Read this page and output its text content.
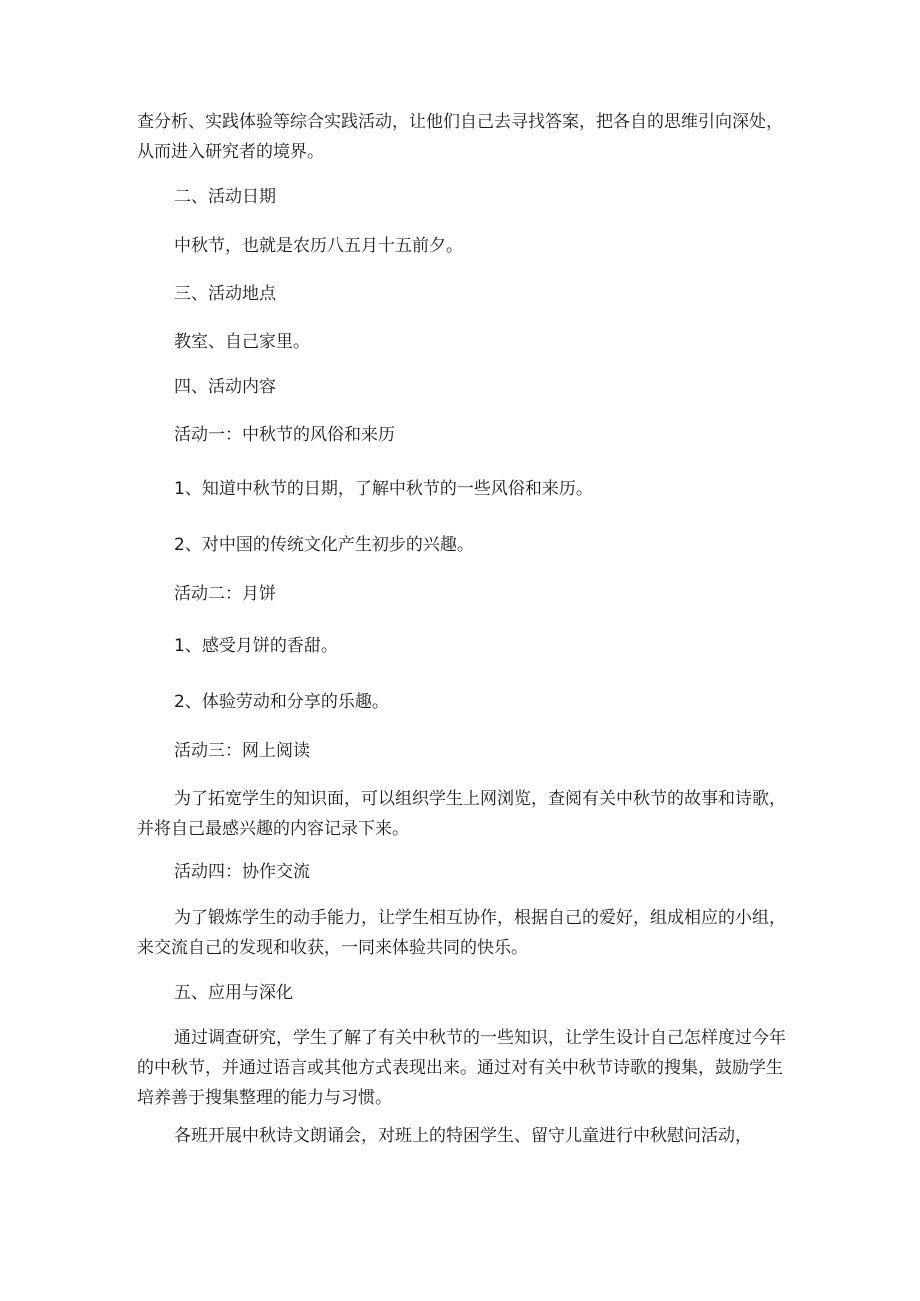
查分析、实践体验等综合实践活动，让他们自己去寻找答案，把各自的思维引向深处，从而进入研究者的境界。

二、活动日期

中秋节，也就是农历八五月十五前夕。

三、活动地点

教室、自己家里。

四、活动内容

活动一：中秋节的风俗和来历

1、知道中秋节的日期，了解中秋节的一些风俗和来历。

2、对中国的传统文化产生初步的兴趣。

活动二：月饼

1、感受月饼的香甜。

2、体验劳动和分享的乐趣。

活动三：网上阅读

为了拓宽学生的知识面，可以组织学生上网浏览，查阅有关中秋节的故事和诗歌，并将自己最感兴趣的内容记录下来。

活动四：协作交流

为了锻炼学生的动手能力，让学生相互协作，根据自己的爱好，组成相应的小组，来交流自己的发现和收获，一同来体验共同的快乐。

五、应用与深化

通过调查研究，学生了解了有关中秋节的一些知识，让学生设计自己怎样度过今年的中秋节，并通过语言或其他方式表现出来。通过对有关中秋节诗歌的搜集，鼓励学生培养善于搜集整理的能力与习惯。

各班开展中秋诗文朗诵会，对班上的特困学生、留守儿童进行中秋慰问活动，
